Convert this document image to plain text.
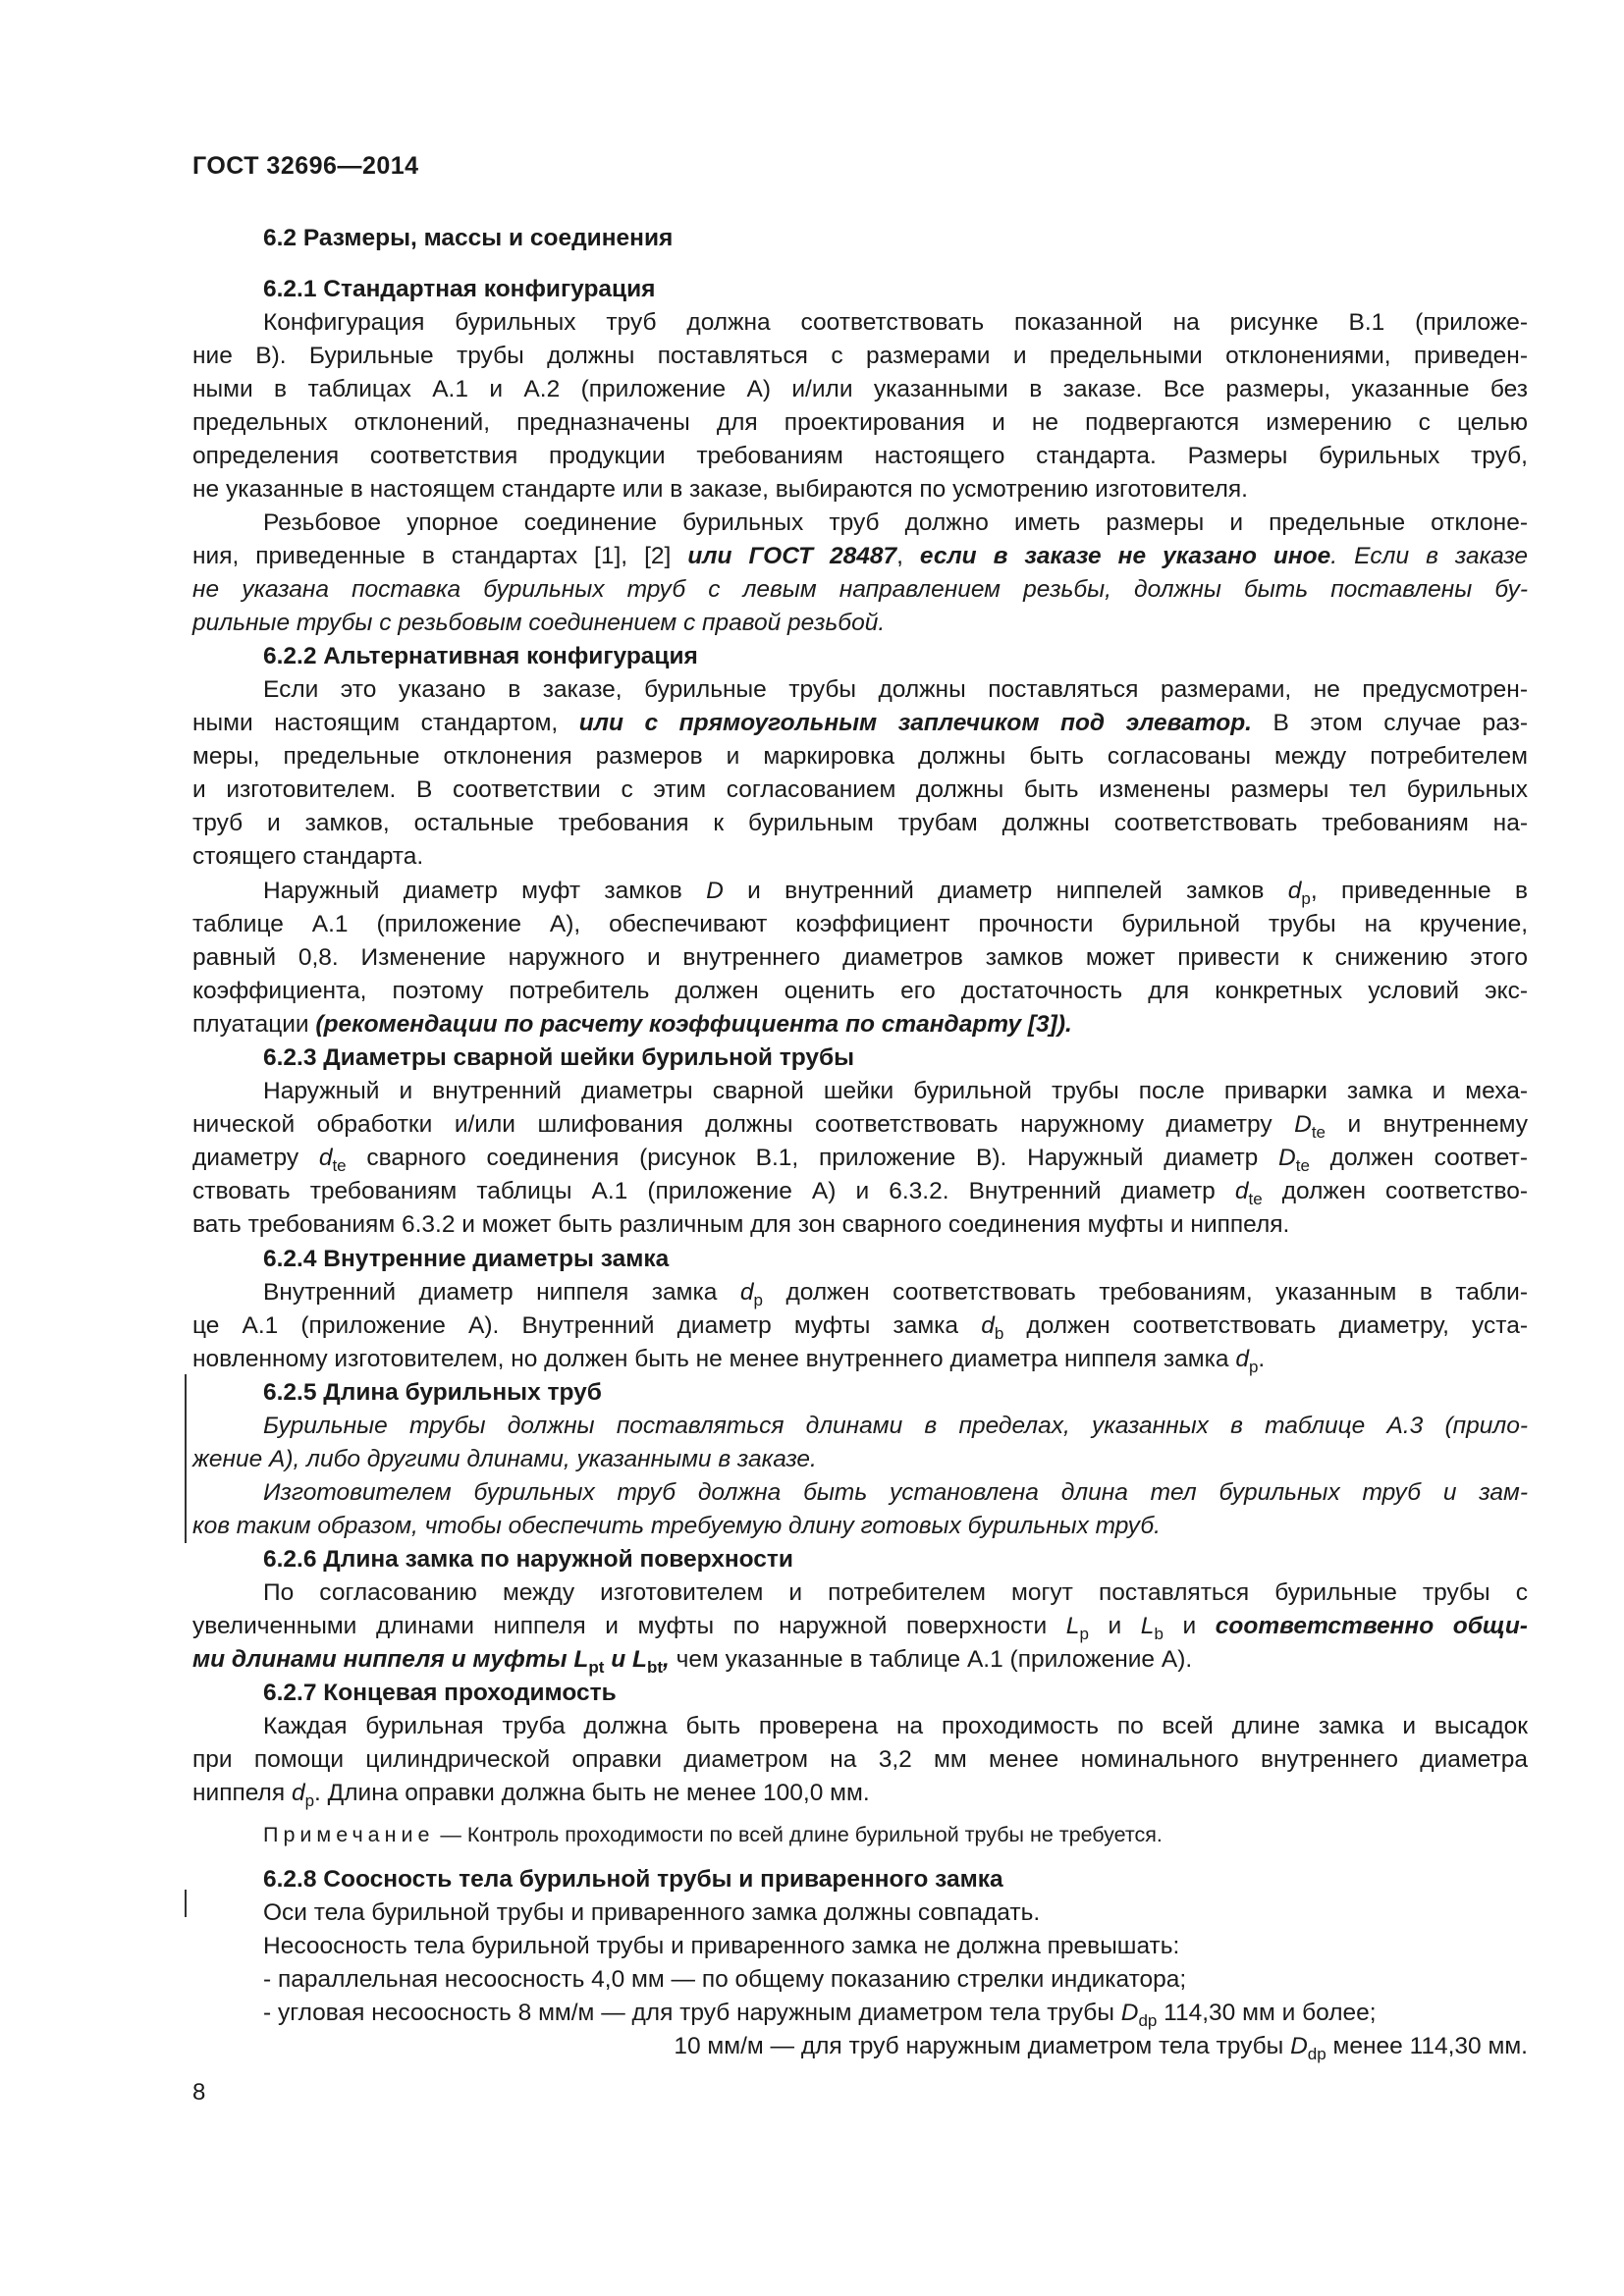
ГОСТ 32696—2014
6.2 Размеры, массы и соединения
6.2.1 Стандартная конфигурация
Конфигурация бурильных труб должна соответствовать показанной на рисунке В.1 (приложе-
ние В). Бурильные трубы должны поставляться с размерами и предельными отклонениями, приведен-
ными в таблицах А.1 и А.2 (приложение А) и/или указанными в заказе. Все размеры, указанные без
предельных отклонений, предназначены для проектирования и не подвергаются измерению с целью
определения соответствия продукции требованиям настоящего стандарта. Размеры бурильных труб,
не указанные в настоящем стандарте или в заказе, выбираются по усмотрению изготовителя.
Резьбовое упорное соединение бурильных труб должно иметь размеры и предельные отклоне-
ния, приведенные в стандартах [1], [2] или ГОСТ 28487, если в заказе не указано иное. Если в заказе
не указана поставка бурильных труб с левым направлением резьбы, должны быть поставлены бу-
рильные трубы с резьбовым соединением с правой резьбой.
6.2.2 Альтернативная конфигурация
Если это указано в заказе, бурильные трубы должны поставляться размерами, не предусмотрен-
ными настоящим стандартом, или с прямоугольным заплечиком под элеватор. В этом случае раз-
меры, предельные отклонения размеров и маркировка должны быть согласованы между потребителем
и изготовителем. В соответствии с этим согласованием должны быть изменены размеры тел бурильных
труб и замков, остальные требования к бурильным трубам должны соответствовать требованиям на-
стоящего стандарта.
Наружный диаметр муфт замков D и внутренний диаметр ниппелей замков $d_p$, приведенные в
таблице А.1 (приложение А), обеспечивают коэффициент прочности бурильной трубы на кручение,
равный 0,8. Изменение наружного и внутреннего диаметров замков может привести к снижению этого
коэффициента, поэтому потребитель должен оценить его достаточность для конкретных условий экс-
плуатации (рекомендации по расчету коэффициента по стандарту [3]).
6.2.3 Диаметры сварной шейки бурильной трубы
Наружный и внутренний диаметры сварной шейки бурильной трубы после приварки замка и меха-
нической обработки и/или шлифования должны соответствовать наружному диаметру $D_{te}$ и внутреннему
диаметру $d_{te}$ сварного соединения (рисунок В.1, приложение В). Наружный диаметр $D_{te}$ должен соответ-
ствовать требованиям таблицы А.1 (приложение А) и 6.3.2. Внутренний диаметр $d_{te}$ должен соответство-
вать требованиям 6.3.2 и может быть различным для зон сварного соединения муфты и ниппеля.
6.2.4 Внутренние диаметры замка
Внутренний диаметр ниппеля замка $d_p$ должен соответствовать требованиям, указанным в табли-
це А.1 (приложение А). Внутренний диаметр муфты замка $d_b$ должен соответствовать диаметру, уста-
новленному изготовителем, но должен быть не менее внутреннего диаметра ниппеля замка $d_p$.
6.2.5 Длина бурильных труб
Бурильные трубы должны поставляться длинами в пределах, указанных в таблице А.3 (прило-
жение А), либо другими длинами, указанными в заказе.
Изготовителем бурильных труб должна быть установлена длина тел бурильных труб и зам-
ков таким образом, чтобы обеспечить требуемую длину готовых бурильных труб.
6.2.6 Длина замка по наружной поверхности
По согласованию между изготовителем и потребителем могут поставляться бурильные трубы с
увеличенными длинами ниппеля и муфты по наружной поверхности $L_p$ и $L_b$ и соответственно общи-
ми длинами ниппеля и муфты $L_{pt}$ и $L_{bt}$, чем указанные в таблице А.1 (приложение А).
6.2.7 Концевая проходимость
Каждая бурильная труба должна быть проверена на проходимость по всей длине замка и высадок
при помощи цилиндрической оправки диаметром на 3,2 мм менее номинального внутреннего диаметра
ниппеля $d_p$. Длина оправки должна быть не менее 100,0 мм.
Примечание — Контроль проходимости по всей длине бурильной трубы не требуется.
6.2.8 Соосность тела бурильной трубы и приваренного замка
Оси тела бурильной трубы и приваренного замка должны совпадать.
Несоосность тела бурильной трубы и приваренного замка не должна превышать:
- параллельная несоосность 4,0 мм — по общему показанию стрелки индикатора;
- угловая несоосность 8 мм/м — для труб наружным диаметром тела трубы $D_{dp}$ 114,30 мм и более;
10 мм/м — для труб наружным диаметром тела трубы $D_{dp}$ менее 114,30 мм.
8
